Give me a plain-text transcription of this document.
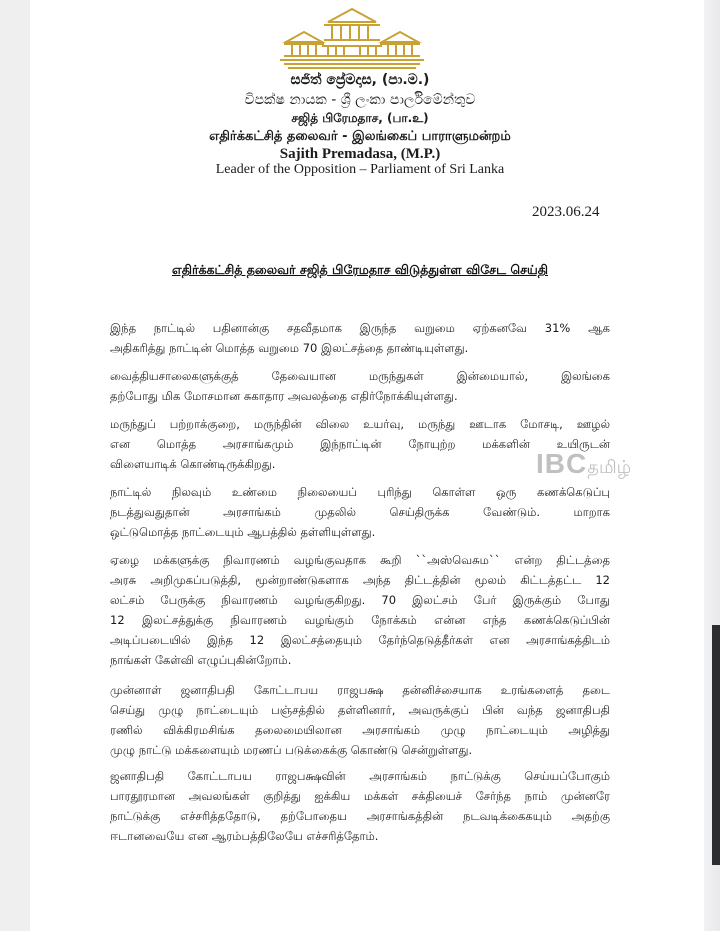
සජිත් ප්‍රේමදාස, (පා.ම.)
විපක්ෂ නායක - ශ්‍රී ලංකා පාර්ලිමේන්තුව
சஜித் பிரேமதாச, (பா.உ)
எதிர்க்கட்சித் தலைவர் - இலங்கைப் பாராளுமன்றம்
Sajith Premadasa, (M.P.)
Leader of the Opposition – Parliament of Sri Lanka
2023.06.24
எதிர்க்கட்சித் தலைவர் சஜித் பிரேமதாச விடுத்துள்ள விசேட செய்தி
இந்த நாட்டில் பதினான்கு சதவீதமாக இருந்த வறுமை ஏற்கனவே 31% ஆக
அதிகரித்து நாட்டின் மொத்த வறுமை 70 இலட்சத்தை தாண்டியுள்ளது.
வைத்தியசாலைகளுக்குத் தேவையான மருந்துகள் இன்மையால், இலங்கை
தற்போது மிக மோசமான சுகாதார அவலத்தை எதிர்நோக்கியுள்ளது.
மருந்துப் பற்றாக்குறை, மருந்தின் விலை உயர்வு, மருந்து ஊடாக மோசடி, ஊழல்
என மொத்த அரசாங்கமும் இந்நாட்டின் நோயுற்ற மக்களின் உயிருடன்
விளையாடிக் கொண்டிருக்கிறது.
நாட்டில் நிலவும் உண்மை நிலையைப் புரிந்து கொள்ள ஒரு கணக்கெடுப்பு
நடத்துவதுதான் அரசாங்கம் முதலில் செய்திருக்க வேண்டும். மாறாக
ஒட்டுமொத்த நாட்டையும் ஆபத்தில் தள்ளியுள்ளது.
ஏழை மக்களுக்கு நிவாரணம் வழங்குவதாக கூறி ``அஸ்வெசும`` என்ற திட்டத்தை
அரசு அறிமுகப்படுத்தி, மூன்றாண்டுகளாக அந்த திட்டத்தின் மூலம் கிட்டத்தட்ட 12
லட்சம் பேருக்கு நிவாரணம் வழங்குகிறது. 70 இலட்சம் பேர் இருக்கும் போது
12 இலட்சத்துக்கு நிவாரணம் வழங்கும் நோக்கம் என்ன எந்த கணக்கெடுப்பின்
அடிப்படையில் இந்த 12 இலட்சத்தையும் தேர்ந்தெடுத்தீர்கள் என அரசாங்கத்திடம்
நாங்கள் கேள்வி எழுப்புகின்றோம்.
முன்னாள் ஜனாதிபதி கோட்டாபய ராஜபக்ஷ தன்னிச்சையாக உரங்களைத் தடை
செய்து முழு நாட்டையும் பஞ்சத்தில் தள்ளினார், அவருக்குப் பின் வந்த ஜனாதிபதி
ரணில் விக்கிரமசிங்க தலைமையிலான அரசாங்கம் முழு நாட்டையும் அழித்து
முழு நாட்டு மக்களையும் மரணப் படுக்கைக்கு கொண்டு சென்றுள்ளது.
ஜனாதிபதி கோட்டாபய ராஜபக்ஷவின் அரசாங்கம் நாட்டுக்கு செய்யப்போகும்
பாரதூரமான அவலங்கள் குறித்து ஐக்கிய மக்கள் சக்தியைச் சேர்ந்த நாம் முன்னரே
நாட்டுக்கு எச்சரித்ததோடு, தற்போதைய அரசாங்கத்தின் நடவடிக்கைகயும் அதற்கு
ஈடானவையே என ஆரம்பத்திலேயே எச்சரித்தோம்.
IBCதமிழ்
